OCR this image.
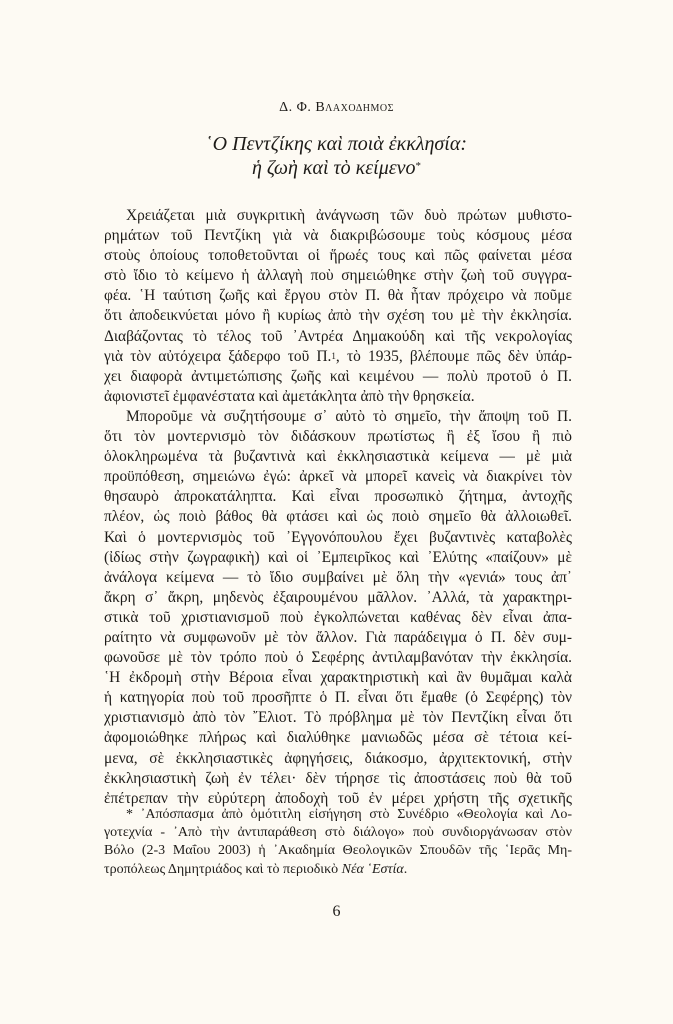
Δ. Φ. Βλαχοδημος
῾Ο Πεντζίκης καὶ ποιὰ ἐκκλησία:
ἡ ζωὴ καὶ τὸ κείμενο*
Χρειάζεται μιὰ συγκριτικὴ ἀνάγνωση τῶν δυὸ πρώτων μυθιστο-
ρημάτων τοῦ Πεντζίκη γιὰ νὰ διακριβώσουμε τοὺς κόσμους μέσα
στοὺς ὁποίους τοποθετοῦνται οἱ ἥρωές τους καὶ πῶς φαίνεται μέσα
στὸ ἴδιο τὸ κείμενο ἡ ἀλλαγὴ ποὺ σημειώθηκε στὴν ζωὴ τοῦ συγγρα-
φέα. ῾Η ταύτιση ζωῆς καὶ ἔργου στὸν Π. θὰ ἦταν πρόχειρο νὰ ποῦμε
ὅτι ἀποδεικνύεται μόνο ἢ κυρίως ἀπὸ τὴν σχέση του μὲ τὴν ἐκκλησία.
Διαβάζοντας τὸ τέλος τοῦ ᾽Αντρέα Δημακούδη καὶ τῆς νεκρολογίας
γιὰ τὸν αὐτόχειρα ξάδερφο τοῦ Π.$^1$, τὸ 1935, βλέπουμε πῶς δὲν ὑπάρ-
χει διαφορὰ ἀντιμετώπισης ζωῆς καὶ κειμένου — πολὺ προτοῦ ὁ Π.
ἀφιονιστεῖ ἐμφανέστατα καὶ ἀμετάκλητα ἀπὸ τὴν θρησκεία.
Μποροῦμε νὰ συζητήσουμε σ᾽ αὐτὸ τὸ σημεῖο, τὴν ἄποψη τοῦ Π.
ὅτι τὸν μοντερνισμὸ τὸν διδάσκουν πρωτίστως ἢ ἐξ ἴσου ἢ πιὸ
ὁλοκληρωμένα τὰ βυζαντινὰ καὶ ἐκκλησιαστικὰ κείμενα — μὲ μιὰ
προϋπόθεση, σημειώνω ἐγώ: ἀρκεῖ νὰ μπορεῖ κανεὶς νὰ διακρίνει τὸν
θησαυρὸ ἀπροκατάληπτα. Καὶ εἶναι προσωπικὸ ζήτημα, ἀντοχῆς
πλέον, ὡς ποιὸ βάθος θὰ φτάσει καὶ ὡς ποιὸ σημεῖο θὰ ἀλλοιωθεῖ.
Καὶ ὁ μοντερνισμὸς τοῦ ᾽Εγγονόπουλου ἔχει βυζαντινὲς καταβολὲς
(ἰδίως στὴν ζωγραφικὴ) καὶ οἱ ᾽Εμπειρῖκος καὶ ᾽Ελύτης «παίζουν» μὲ
ἀνάλογα κείμενα — τὸ ἴδιο συμβαίνει μὲ ὅλη τὴν «γενιά» τους ἀπ᾽
ἄκρη σ᾽ ἄκρη, μηδενὸς ἐξαιρουμένου μᾶλλον. ᾽Αλλά, τὰ χαρακτηρι-
στικὰ τοῦ χριστιανισμοῦ ποὺ ἐγκολπώνεται καθένας δὲν εἶναι ἀπα-
ραίτητο νὰ συμφωνοῦν μὲ τὸν ἄλλον. Γιὰ παράδειγμα ὁ Π. δὲν συμ-
φωνοῦσε μὲ τὸν τρόπο ποὺ ὁ Σεφέρης ἀντιλαμβανόταν τὴν ἐκκλησία.
῾Η ἐκδρομὴ στὴν Βέροια εἶναι χαρακτηριστικὴ καὶ ἂν θυμᾶμαι καλὰ
ἡ κατηγορία ποὺ τοῦ προσῆπτε ὁ Π. εἶναι ὅτι ἔμαθε (ὁ Σεφέρης) τὸν
χριστιανισμὸ ἀπὸ τὸν ῎Ελιοτ. Τὸ πρόβλημα μὲ τὸν Πεντζίκη εἶναι ὅτι
ἀφομοιώθηκε πλήρως καὶ διαλύθηκε μανιωδῶς μέσα σὲ τέτοια κεί-
μενα, σὲ ἐκκλησιαστικὲς ἀφηγήσεις, διάκοσμο, ἀρχιτεκτονική, στὴν
ἐκκλησιαστικὴ ζωὴ ἐν τέλει· δὲν τήρησε τὶς ἀποστάσεις ποὺ θὰ τοῦ
ἐπέτρεπαν τὴν εὐρύτερη ἀποδοχὴ τοῦ ἐν μέρει χρήστη τῆς σχετικῆς
* ᾽Απόσπασμα ἀπὸ ὁμότιτλη εἰσήγηση στὸ Συνέδριο «Θεολογία καὶ Λο-
γοτεχνία - ᾽Απὸ τὴν ἀντιπαράθεση στὸ διάλογο» ποὺ συνδιοργάνωσαν στὸν
Βόλο (2-3 Μαΐου 2003) ἡ ᾽Ακαδημία Θεολογικῶν Σπουδῶν τῆς ῾Ιερᾶς Μη-
τροπόλεως Δημητριάδος καὶ τὸ περιοδικὸ Νέα ῾Εστία.
6
